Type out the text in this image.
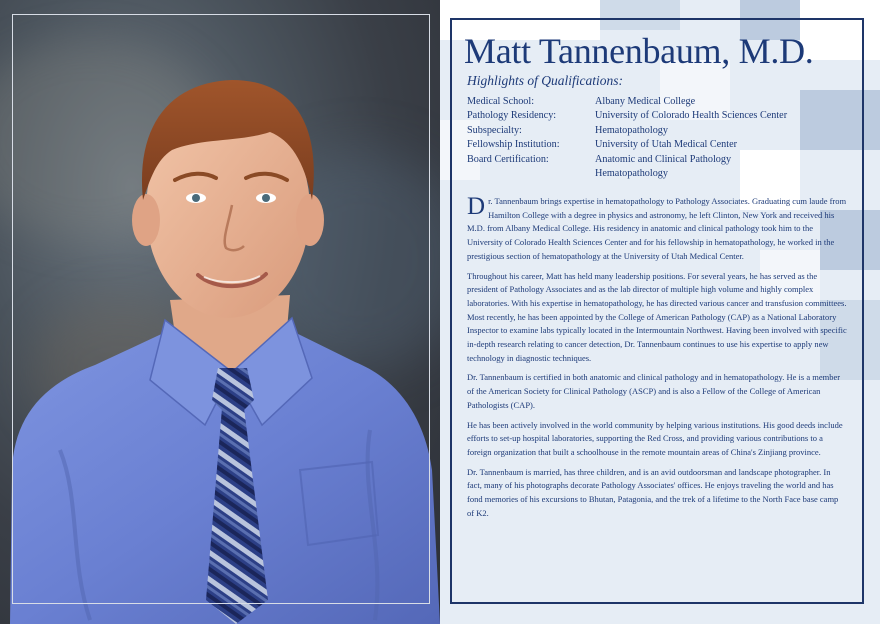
Matt Tannenbaum, M.D.
Highlights of Qualifications:
Medical School:	Albany Medical College
Pathology Residency:	University of Colorado Health Sciences Center
Subspecialty:	Hematopathology
Fellowship Institution:	University of Utah Medical Center
Board Certification:	Anatomic and Clinical Pathology
Hematopathology

Dr. Tannenbaum brings expertise in hematopathology to Pathology Associates. Graduating cum laude from Hamilton College with a degree in physics and astronomy, he left Clinton, New York and received his M.D. from Albany Medical College. His residency in anatomic and clinical pathology took him to the University of Colorado Health Sciences Center and for his fellowship in hematopathology, he worked in the prestigious section of hematopathology at the University of Utah Medical Center.

Throughout his career, Matt has held many leadership positions. For several years, he has served as the president of Pathology Associates and as the lab director of multiple high volume and highly complex laboratories. With his expertise in hematopathology, he has directed various cancer and transfusion committees. Most recently, he has been appointed by the College of American Pathology (CAP) as a National Laboratory Inspector to examine labs typically located in the Intermountain Northwest. Having been involved with specific in-depth research relating to cancer detection, Dr. Tannenbaum continues to use his expertise to apply new technology in diagnostic techniques.

Dr. Tannenbaum is certified in both anatomic and clinical pathology and in hematopathology. He is a member of the American Society for Clinical Pathology (ASCP) and is also a Fellow of the College of American Pathologists (CAP).

He has been actively involved in the world community by helping various institutions. His good deeds include efforts to set-up hospital laboratories, supporting the Red Cross, and providing various contributions to a foreign organization that built a schoolhouse in the remote mountain areas of China's Zinjiang province.

Dr. Tannenbaum is married, has three children, and is an avid outdoorsman and landscape photographer. In fact, many of his photographs decorate Pathology Associates' offices. He enjoys traveling the world and has fond memories of his excursions to Bhutan, Patagonia, and the trek of a lifetime to the North Face base camp of K2.
